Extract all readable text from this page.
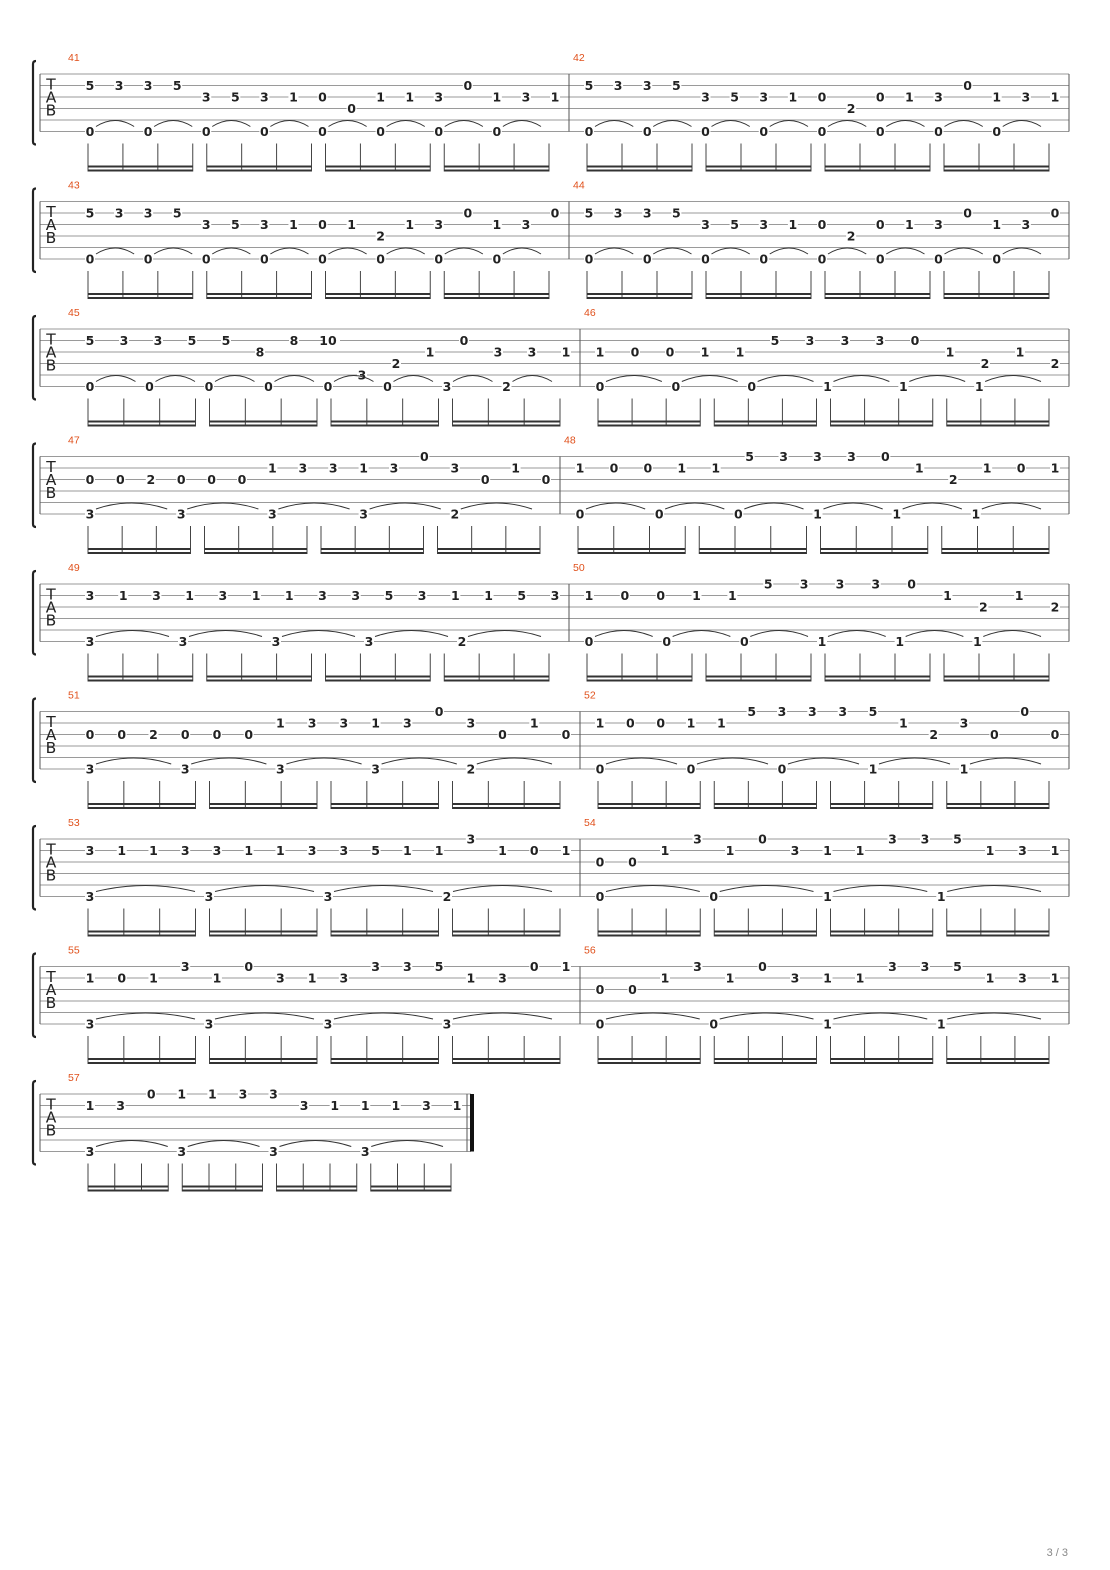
T
A
B
41
5 3 3 5
3 5 3 1 0
0
1 1 3
0
1 3 1
0	0	0	0	0	0	0	0
42
5 3 3 5
3 5 3 1 0
2
0 1 3
0
1 3 1
0	0	0	0	0	0	0	0
T
A
B
43
5 3 3 5
3 5 3 1 0 1
2
1 3
0
1 3
0
0	0	0	0	0	0	0	0
44
5 3 3 5
3 5 3 1 0
2
0 1 3
0
1 3
0
0	0	0	0	0	0	0	0
T
A
B
45
5 3 3 5 5
8
8 10
3
2
1
0
3 3 1
0	0	0	0	0	0	3	2
46
1 0 0 1 1
5 3 3 3 0
1
2
1
2
0	0	0	1	1	1
T
A
B
47
0 0 2 0 0 0
1 3 3 1 3
0
3
0
1
0
3	3	3	3	2
48
1 0 0 1 1
5 3 3 3 0
1
2
1 0 1
0	0	0	1	1	1
T
A
B
49
3 1 3 1 3 1 1 3 3 5 3 1 1 5 3
3	3	3	3	2
50
1 0 0 1 1
5 3 3 3 0
1
2
1
2
0	0	0	1	1	1
T
A
B
51
0 0 2 0 0 0
1 3 3 1 3
0
3
0
1
0
3	3	3	3	2
52
1 0 0 1 1
5 3 3 3 5
1
2
3
0
0
0
0	0	0	1	1
T
A
B
53
3 1 1 3 3 1 1 3 3 5 1 1
3
1 0 1
3	3	3	2
54
0 0
1
3
1
0
3 1 1
3 3 5
1 3 1
0	0	1	1
T
A
B
55
1 0 1
3
1
0
3 1 3
3 3 5
1 3
0 1
3	3	3	3
56
0 0
1
3
1
0
3 1 1
3 3 5
1 3 1
0	0	1	1
T
A
B
57
1 3
0 1 1 3 3
3 1 1 1 3 1
3	3	3	3
3 / 3
